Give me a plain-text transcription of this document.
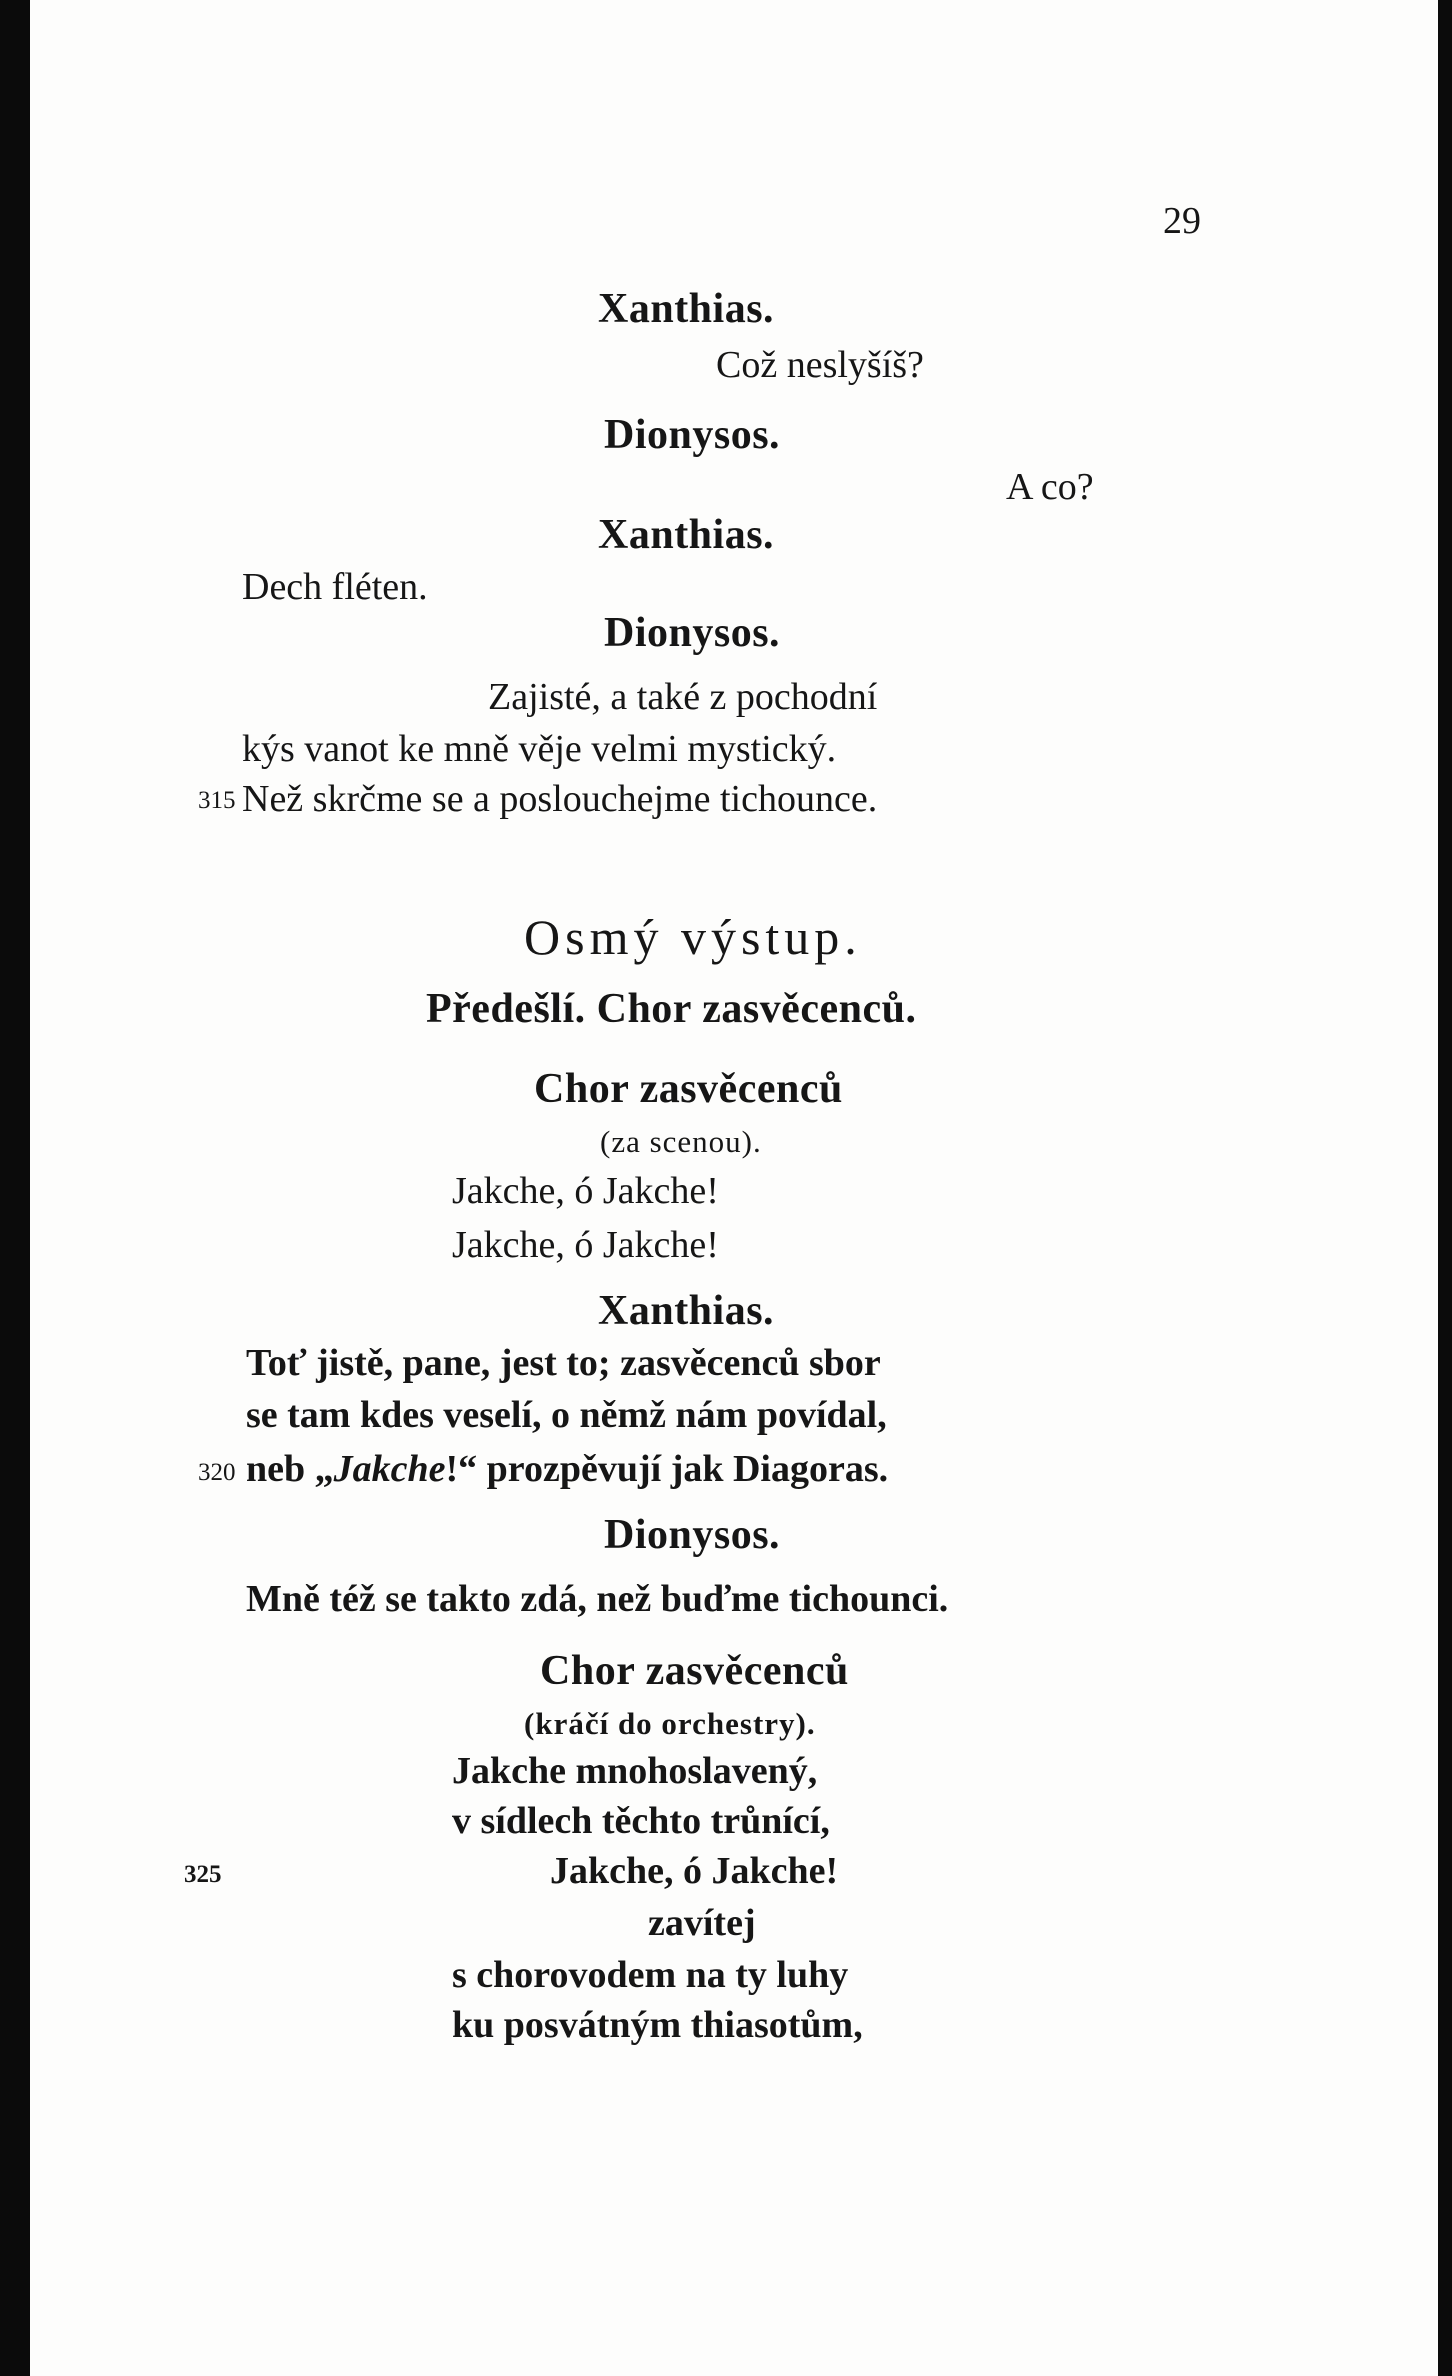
29
Xanthias.
Což neslyšíš?
Dionysos.
A co?
Xanthias.
Dech fléten.
Dionysos.
Zajisté, a také z pochodní
kýs vanot ke mně věje velmi mystický.
315 Než skrčme se a poslouchejme tichounce.
Osmý výstup.
Předešlí. Chor zasvěcenců.
Chor zasvěcenců
(za scenou).
Jakche, ó Jakche!
Jakche, ó Jakche!
Xanthias.
Toť jistě, pane, jest to; zasvěcenců sbor
se tam kdes veselí, o němž nám povídal,
320 neb „Jakche!“ prozpěvují jak Diagoras.
Dionysos.
Mně též se takto zdá, než buďme tichounci.
Chor zasvěcenců
(kráčí do orchestry).
Jakche mnohoslavený,
v sídlech těchto trůnící,
325	Jakche, ó Jakche!
zavítej
s chorovodem na ty luhy
ku posvátným thiasotům,
